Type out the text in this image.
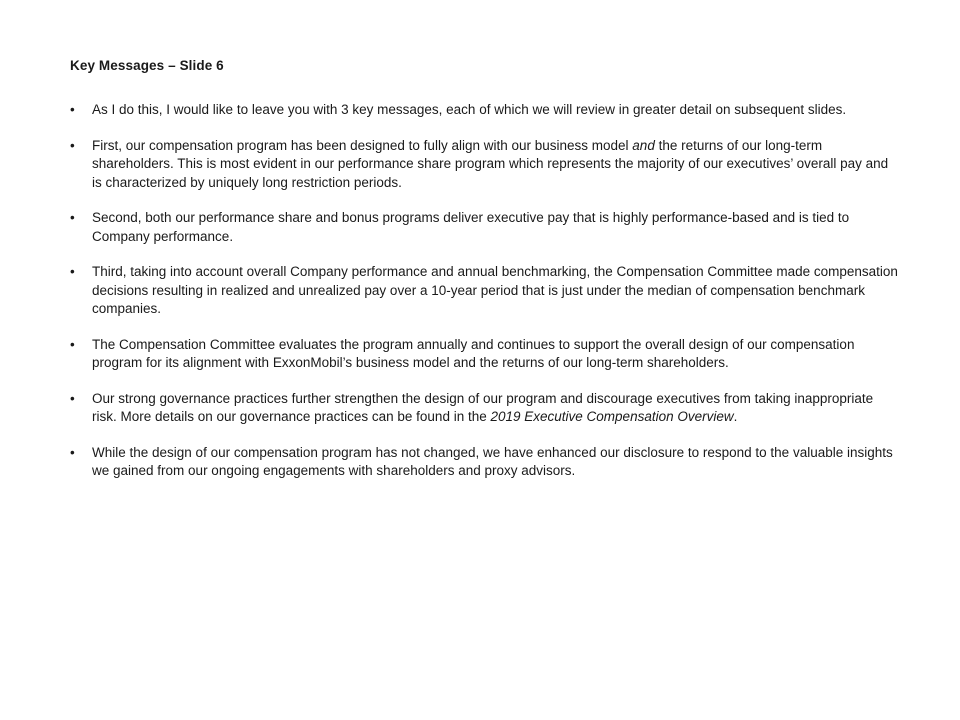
Key Messages – Slide 6
•	As I do this, I would like to leave you with 3 key messages, each of which we will review in greater detail on subsequent slides.
•	First, our compensation program has been designed to fully align with our business model and the returns of our long-term shareholders. This is most evident in our performance share program which represents the majority of our executives’ overall pay and is characterized by uniquely long restriction periods.
•	Second, both our performance share and bonus programs deliver executive pay that is highly performance-based and is tied to Company performance.
•	Third, taking into account overall Company performance and annual benchmarking, the Compensation Committee made compensation decisions resulting in realized and unrealized pay over a 10-year period that is just under the median of compensation benchmark companies.
•	The Compensation Committee evaluates the program annually and continues to support the overall design of our compensation program for its alignment with ExxonMobil’s business model and the returns of our long-term shareholders.
•	Our strong governance practices further strengthen the design of our program and discourage executives from taking inappropriate risk. More details on our governance practices can be found in the 2019 Executive Compensation Overview.
•	While the design of our compensation program has not changed, we have enhanced our disclosure to respond to the valuable insights we gained from our ongoing engagements with shareholders and proxy advisors.
